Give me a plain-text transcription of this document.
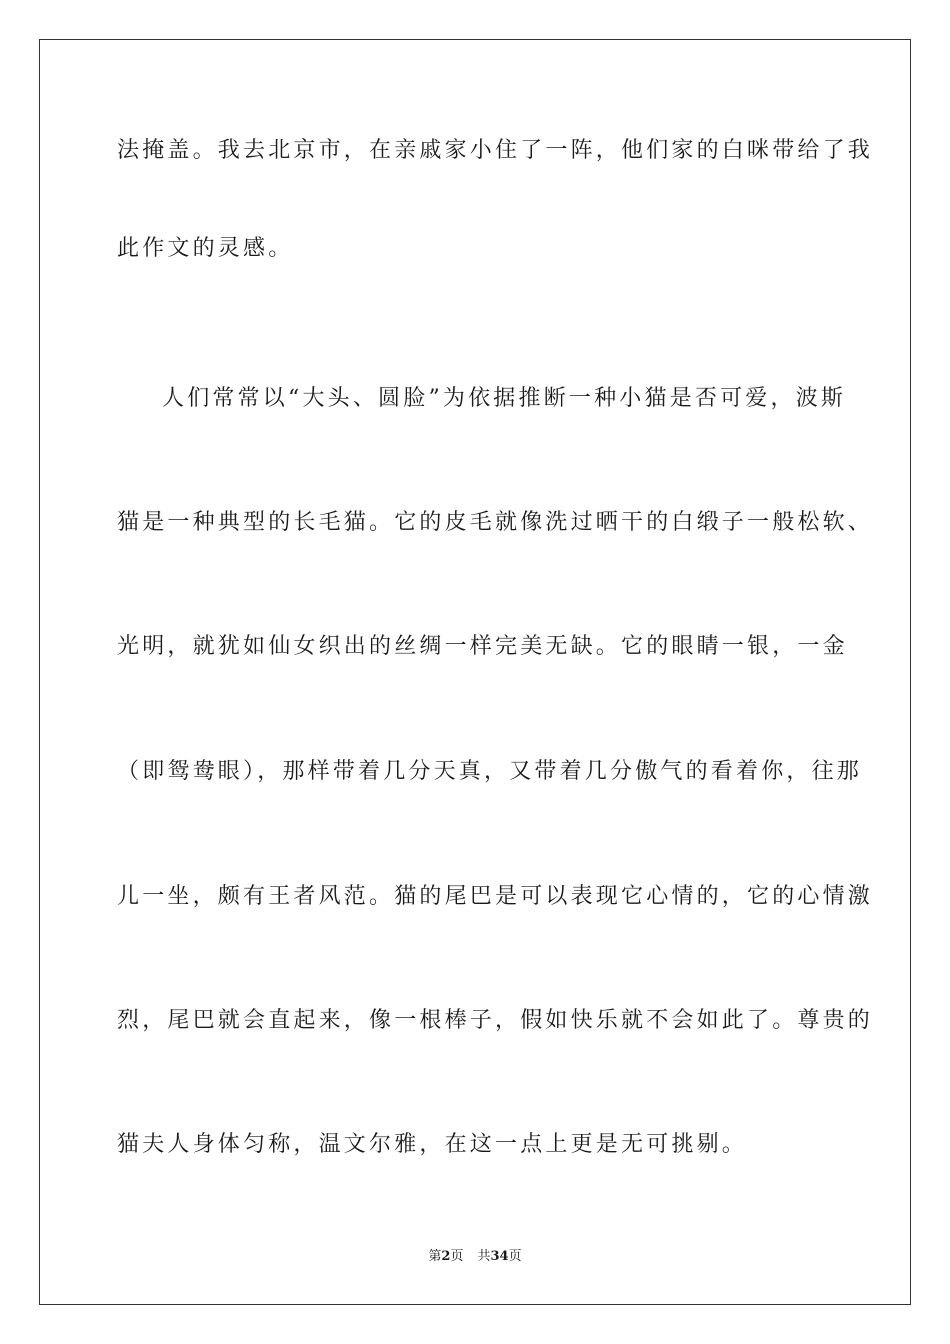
法掩盖。我去北京市，在亲戚家小住了一阵，他们家的白咪带给了我
此作文的灵感。
人们常常以“大头、圆脸”为依据推断一种小猫是否可爱，波斯
猫是一种典型的长毛猫。它的皮毛就像洗过晒干的白缎子一般松软、
光明，就犹如仙女织出的丝绸一样完美无缺。它的眼睛一银，一金
（即鸳鸯眼），那样带着几分天真，又带着几分傲气的看着你，往那
儿一坐，颇有王者风范。猫的尾巴是可以表现它心情的，它的心情激
烈，尾巴就会直起来，像一根棒子，假如快乐就不会如此了。尊贵的
猫夫人身体匀称，温文尔雅，在这一点上更是无可挑剔。
第2页 共34页
